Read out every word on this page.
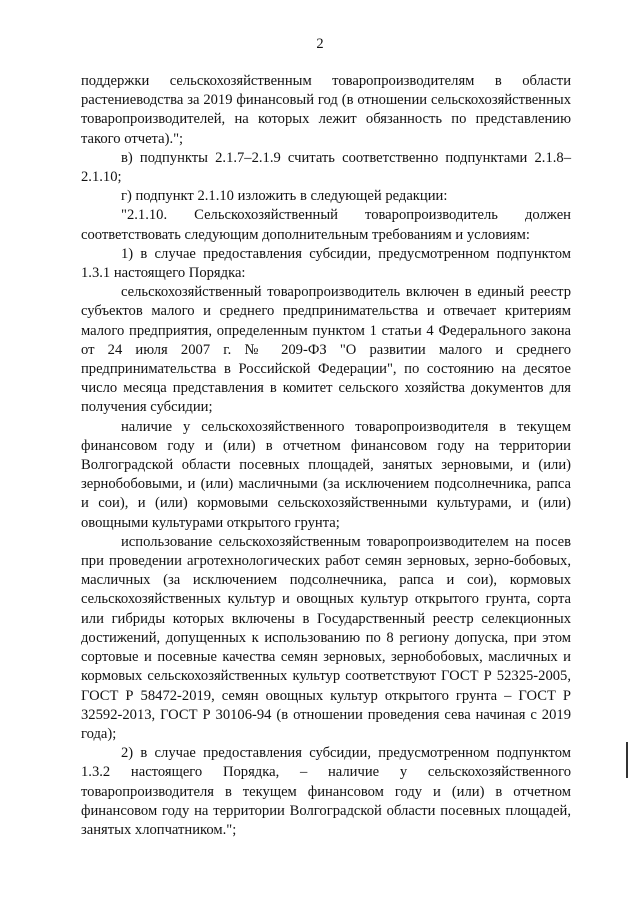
2

поддержки сельскохозяйственным товаропроизводителям в области растениеводства за 2019 финансовый год (в отношении сельскохозяйственных товаропроизводителей, на которых лежит обязанность по представлению такого отчета).";

в) подпункты 2.1.7–2.1.9 считать соответственно подпунктами 2.1.8–2.1.10;

г) подпункт 2.1.10 изложить в следующей редакции:

"2.1.10. Сельскохозяйственный товаропроизводитель должен соответствовать следующим дополнительным требованиям и условиям:

1) в случае предоставления субсидии, предусмотренном подпунктом 1.3.1 настоящего Порядка:

сельскохозяйственный товаропроизводитель включен в единый реестр субъектов малого и среднего предпринимательства и отвечает критериям малого предприятия, определенным пунктом 1 статьи 4 Федерального закона от 24 июля 2007 г. № 209-ФЗ "О развитии малого и среднего предпринимательства в Российской Федерации", по состоянию на десятое число месяца представления в комитет сельского хозяйства документов для получения субсидии;

наличие у сельскохозяйственного товаропроизводителя в текущем финансовом году и (или) в отчетном финансовом году на территории Волгоградской области посевных площадей, занятых зерновыми, и (или) зернобобовыми, и (или) масличными (за исключением подсолнечника, рапса и сои), и (или) кормовыми сельскохозяйственными культурами, и (или) овощными культурами открытого грунта;

использование сельскохозяйственным товаропроизводителем на посев при проведении агротехнологических работ семян зерновых, зерно-бобовых, масличных (за исключением подсолнечника, рапса и сои), кормовых сельскохозяйственных культур и овощных культур открытого грунта, сорта или гибриды которых включены в Государственный реестр селекционных достижений, допущенных к использованию по 8 региону допуска, при этом сортовые и посевные качества семян зерновых, зернобобовых, масличных и кормовых сельскохозяйственных культур соответствуют ГОСТ Р 52325-2005, ГОСТ Р 58472-2019, семян овощных культур открытого грунта – ГОСТ Р 32592-2013, ГОСТ Р 30106-94 (в отношении проведения сева начиная с 2019 года);

2) в случае предоставления субсидии, предусмотренном подпунктом 1.3.2 настоящего Порядка, – наличие у сельскохозяйственного товаропроизводителя в текущем финансовом году и (или) в отчетном финансовом году на территории Волгоградской области посевных площадей, занятых хлопчатником.";
